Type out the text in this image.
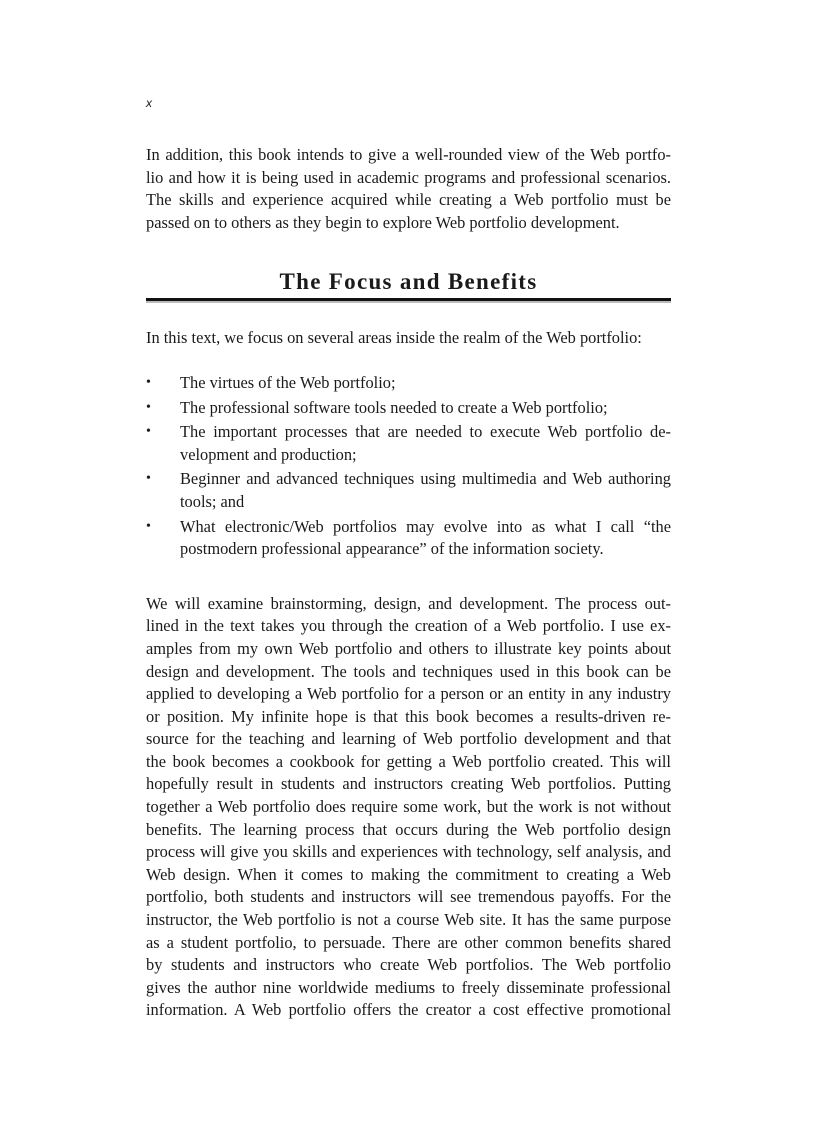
x

In addition, this book intends to give a well-rounded view of the Web portfo-
lio and how it is being used in academic programs and professional scenarios.
The skills and experience acquired while creating a Web portfolio must be
passed on to others as they begin to explore Web portfolio development.

The Focus and Benefits

In this text, we focus on several areas inside the realm of the Web portfolio:

• The virtues of the Web portfolio;
• The professional software tools needed to create a Web portfolio;
• The important processes that are needed to execute Web portfolio de-
velopment and production;
• Beginner and advanced techniques using multimedia and Web authoring
tools; and
• What electronic/Web portfolios may evolve into as what I call “the
postmodern professional appearance” of the information society.

We will examine brainstorming, design, and development. The process out-
lined in the text takes you through the creation of a Web portfolio. I use ex-
amples from my own Web portfolio and others to illustrate key points about
design and development. The tools and techniques used in this book can be
applied to developing a Web portfolio for a person or an entity in any industry
or position. My infinite hope is that this book becomes a results-driven re-
source for the teaching and learning of Web portfolio development and that
the book becomes a cookbook for getting a Web portfolio created. This will
hopefully result in students and instructors creating Web portfolios. Putting
together a Web portfolio does require some work, but the work is not without
benefits. The learning process that occurs during the Web portfolio design
process will give you skills and experiences with technology, self analysis, and
Web design. When it comes to making the commitment to creating a Web
portfolio, both students and instructors will see tremendous payoffs. For the
instructor, the Web portfolio is not a course Web site. It has the same purpose
as a student portfolio, to persuade. There are other common benefits shared
by students and instructors who create Web portfolios. The Web portfolio
gives the author nine worldwide mediums to freely disseminate professional
information. A Web portfolio offers the creator a cost effective promotional
